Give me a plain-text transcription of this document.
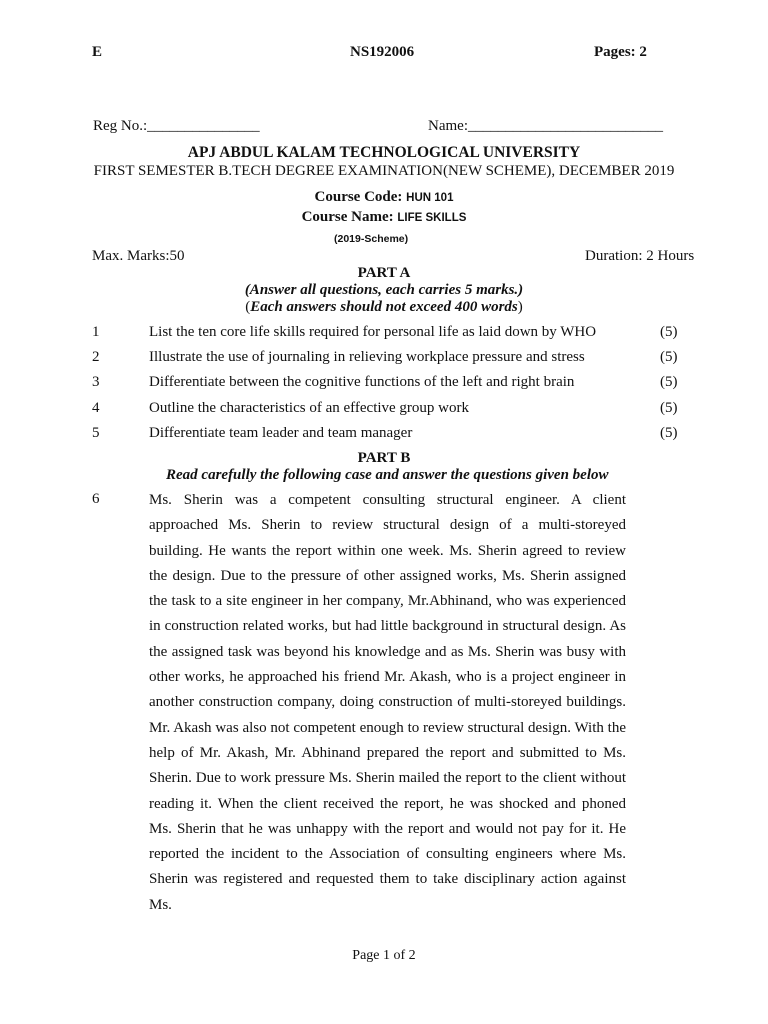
E	NS192006	Pages: 2
Reg No.:_______________	Name:__________________________
APJ ABDUL KALAM TECHNOLOGICAL UNIVERSITY
FIRST SEMESTER B.TECH DEGREE EXAMINATION(NEW SCHEME), DECEMBER 2019
Course Code: HUN 101
Course Name: LIFE SKILLS
(2019-Scheme)
Max. Marks:50	Duration: 2 Hours
PART A
(Answer all questions, each carries 5 marks.)
(Each answers should not exceed 400 words)
1	List the ten core life skills required for personal life as laid down by WHO	(5)
2	Illustrate the use of journaling in relieving workplace pressure and stress	(5)
3	Differentiate between the cognitive functions of the left and right brain	(5)
4	Outline the characteristics of an effective group work	(5)
5	Differentiate team leader and team manager	(5)
PART B
Read carefully the following case and answer the questions given below
6	Ms. Sherin was a competent consulting structural engineer. A client approached Ms. Sherin to review structural design of a multi-storeyed building. He wants the report within one week. Ms. Sherin agreed to review the design. Due to the pressure of other assigned works, Ms. Sherin assigned the task to a site engineer in her company, Mr.Abhinand, who was experienced in construction related works, but had little background in structural design. As the assigned task was beyond his knowledge and as Ms. Sherin was busy with other works, he approached his friend Mr. Akash, who is a project engineer in another construction company, doing construction of multi-storeyed buildings. Mr. Akash was also not competent enough to review structural design. With the help of Mr. Akash, Mr. Abhinand prepared the report and submitted to Ms. Sherin. Due to work pressure Ms. Sherin mailed the report to the client without reading it. When the client received the report, he was shocked and phoned Ms. Sherin that he was unhappy with the report and would not pay for it. He reported the incident to the Association of consulting engineers where Ms. Sherin was registered and requested them to take disciplinary action against Ms.

Page 1 of 2
